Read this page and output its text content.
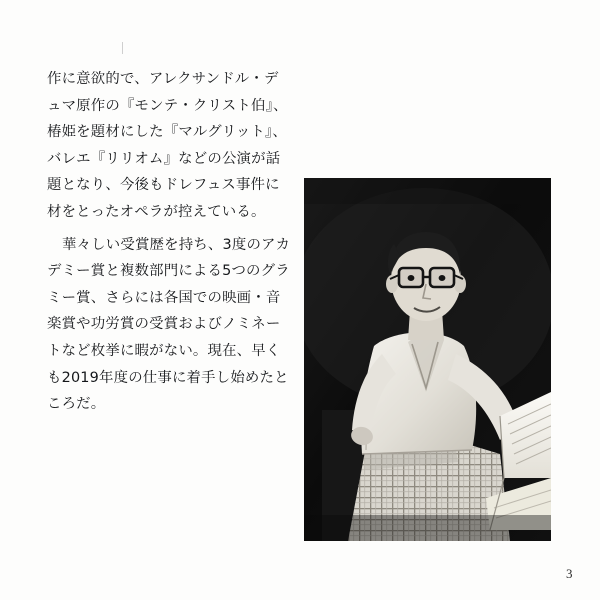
作に意欲的で、アレクサンドル・デュマ原作の『モンテ・クリスト伯』、椿姫を題材にした『マルグリット』、バレエ『リリオム』などの公演が話題となり、今後もドレフュス事件に材をとったオペラが控えている。

華々しい受賞歴を持ち、3度のアカデミー賞と複数部門による5つのグラミー賞、さらには各国での映画・音楽賞や功労賞の受賞およびノミネートなど枚挙に暇がない。現在、早くも2019年度の仕事に着手し始めたところだ。

3
